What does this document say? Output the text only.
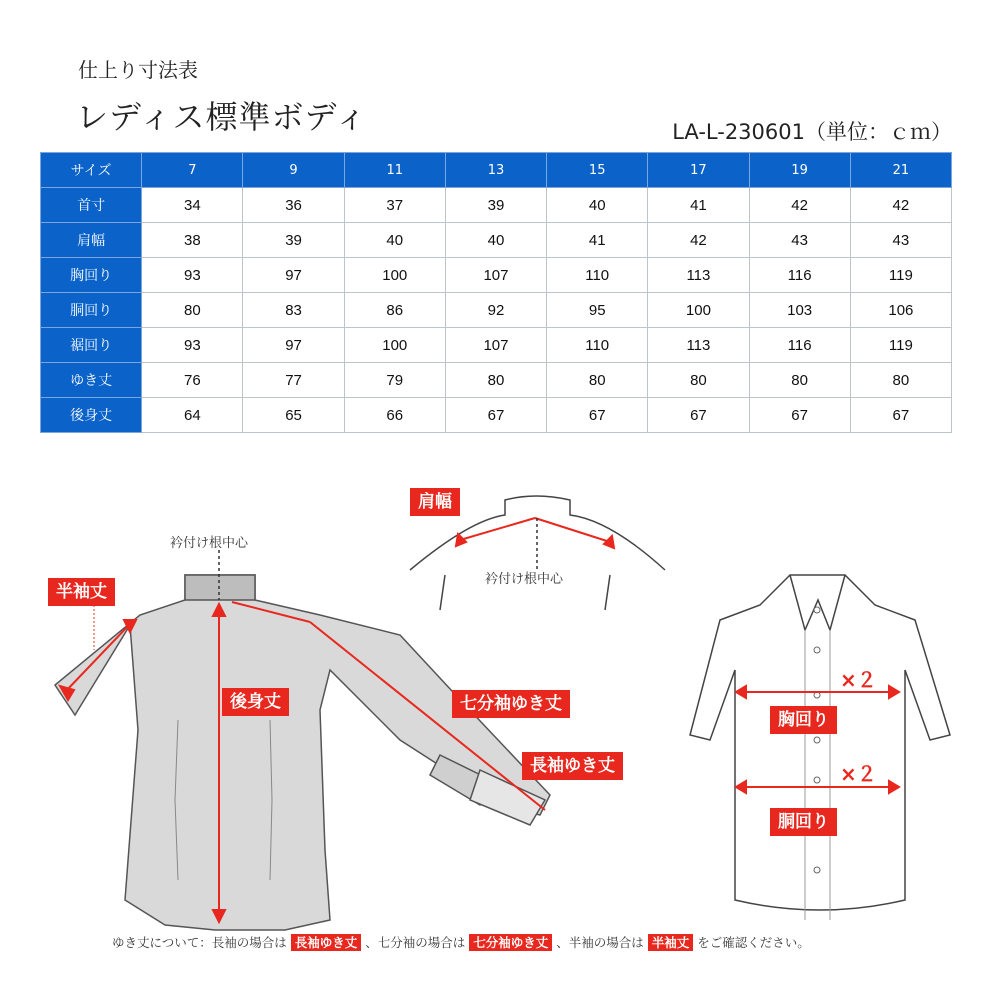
仕上り寸法表
レディス標準ボディ	LA-L-230601（単位：ｃｍ）
サイズ	7	9	11	13	15	17	19	21
首寸	34	36	37	39	40	41	42	42
肩幅	38	39	40	40	41	42	43	43
胸回り	93	97	100	107	110	113	116	119
胴回り	80	83	86	92	95	100	103	106
裾回り	93	97	100	107	110	113	116	119
ゆき丈	76	77	79	80	80	80	80	80
後身丈	64	65	66	67	67	67	67	67
半袖丈
衿付け根中心
肩幅
衿付け根中心
後身丈	七分袖ゆき丈
長袖ゆき丈
胸回り
胴回り
×２
×２
ゆき丈について：長袖の場合は 長袖ゆき丈 、七分袖の場合は 七分袖ゆき丈 、半袖の場合は 半袖丈 をご確認ください。
